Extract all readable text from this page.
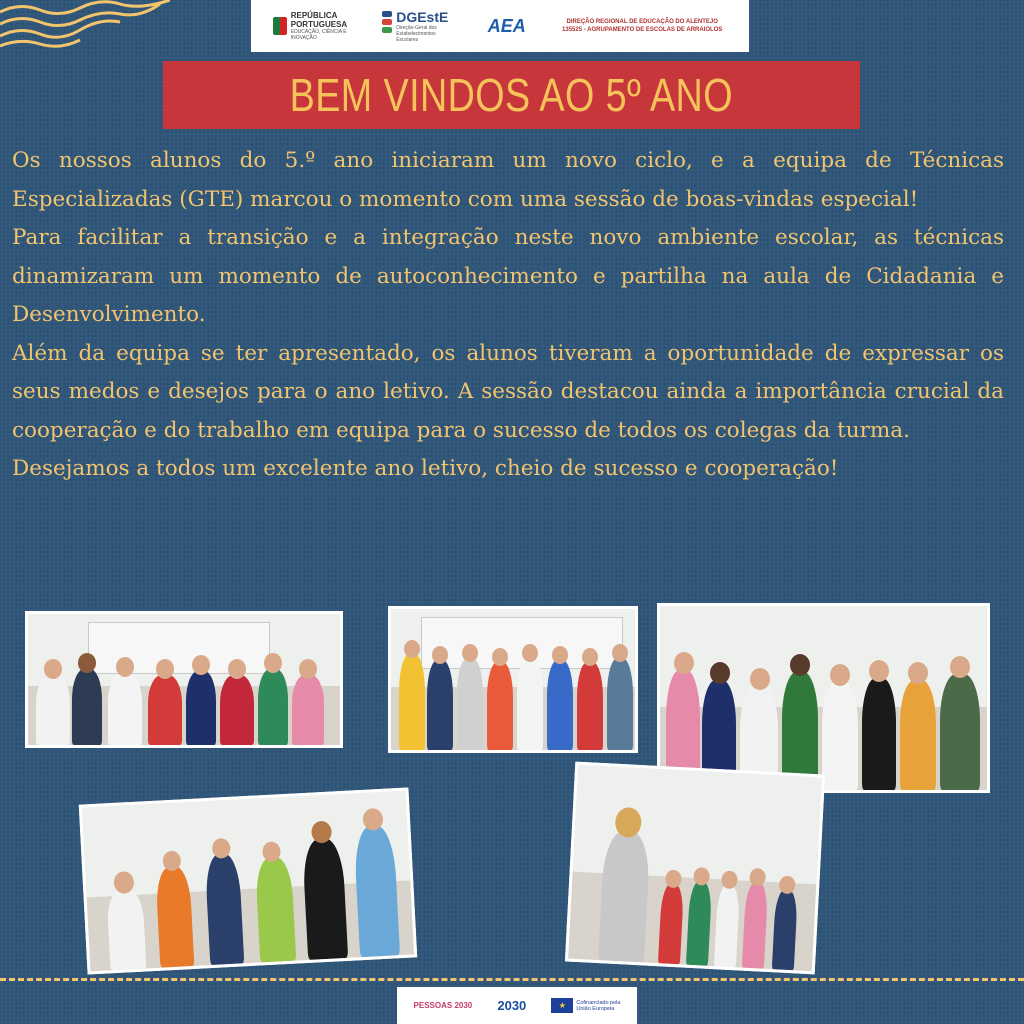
REPÚBLICA
PORTUGUESA
EDUCAÇÃO, CIÊNCIA E INOVAÇÃO
DGEstE
Direção-Geral dos Estabelecimentos Escolares
AEA	DIREÇÃO REGIONAL DE EDUCAÇÃO DO ALENTEJO
135525 - AGRUPAMENTO DE ESCOLAS DE ARRAIOLOS
BEM VINDOS AO 5º ANO

Os nossos alunos do 5.º ano iniciaram um novo ciclo, e a equipa de Técnicas Especializadas (GTE) marcou o momento com uma sessão de boas-vindas especial!

Para facilitar a transição e a integração neste novo ambiente escolar, as técnicas dinamizaram um momento de autoconhecimento e partilha na aula de Cidadania e Desenvolvimento.

Além da equipa se ter apresentado, os alunos tiveram a oportunidade de expressar os seus medos e desejos para o ano letivo. A sessão destacou ainda a importância crucial da cooperação e do trabalho em equipa para o sucesso de todos os colegas da turma.

Desejamos a todos um excelente ano letivo, cheio de sucesso e cooperação!

PESSOAS 2030 2030	★	Cofinanciado pela
União Europeia
